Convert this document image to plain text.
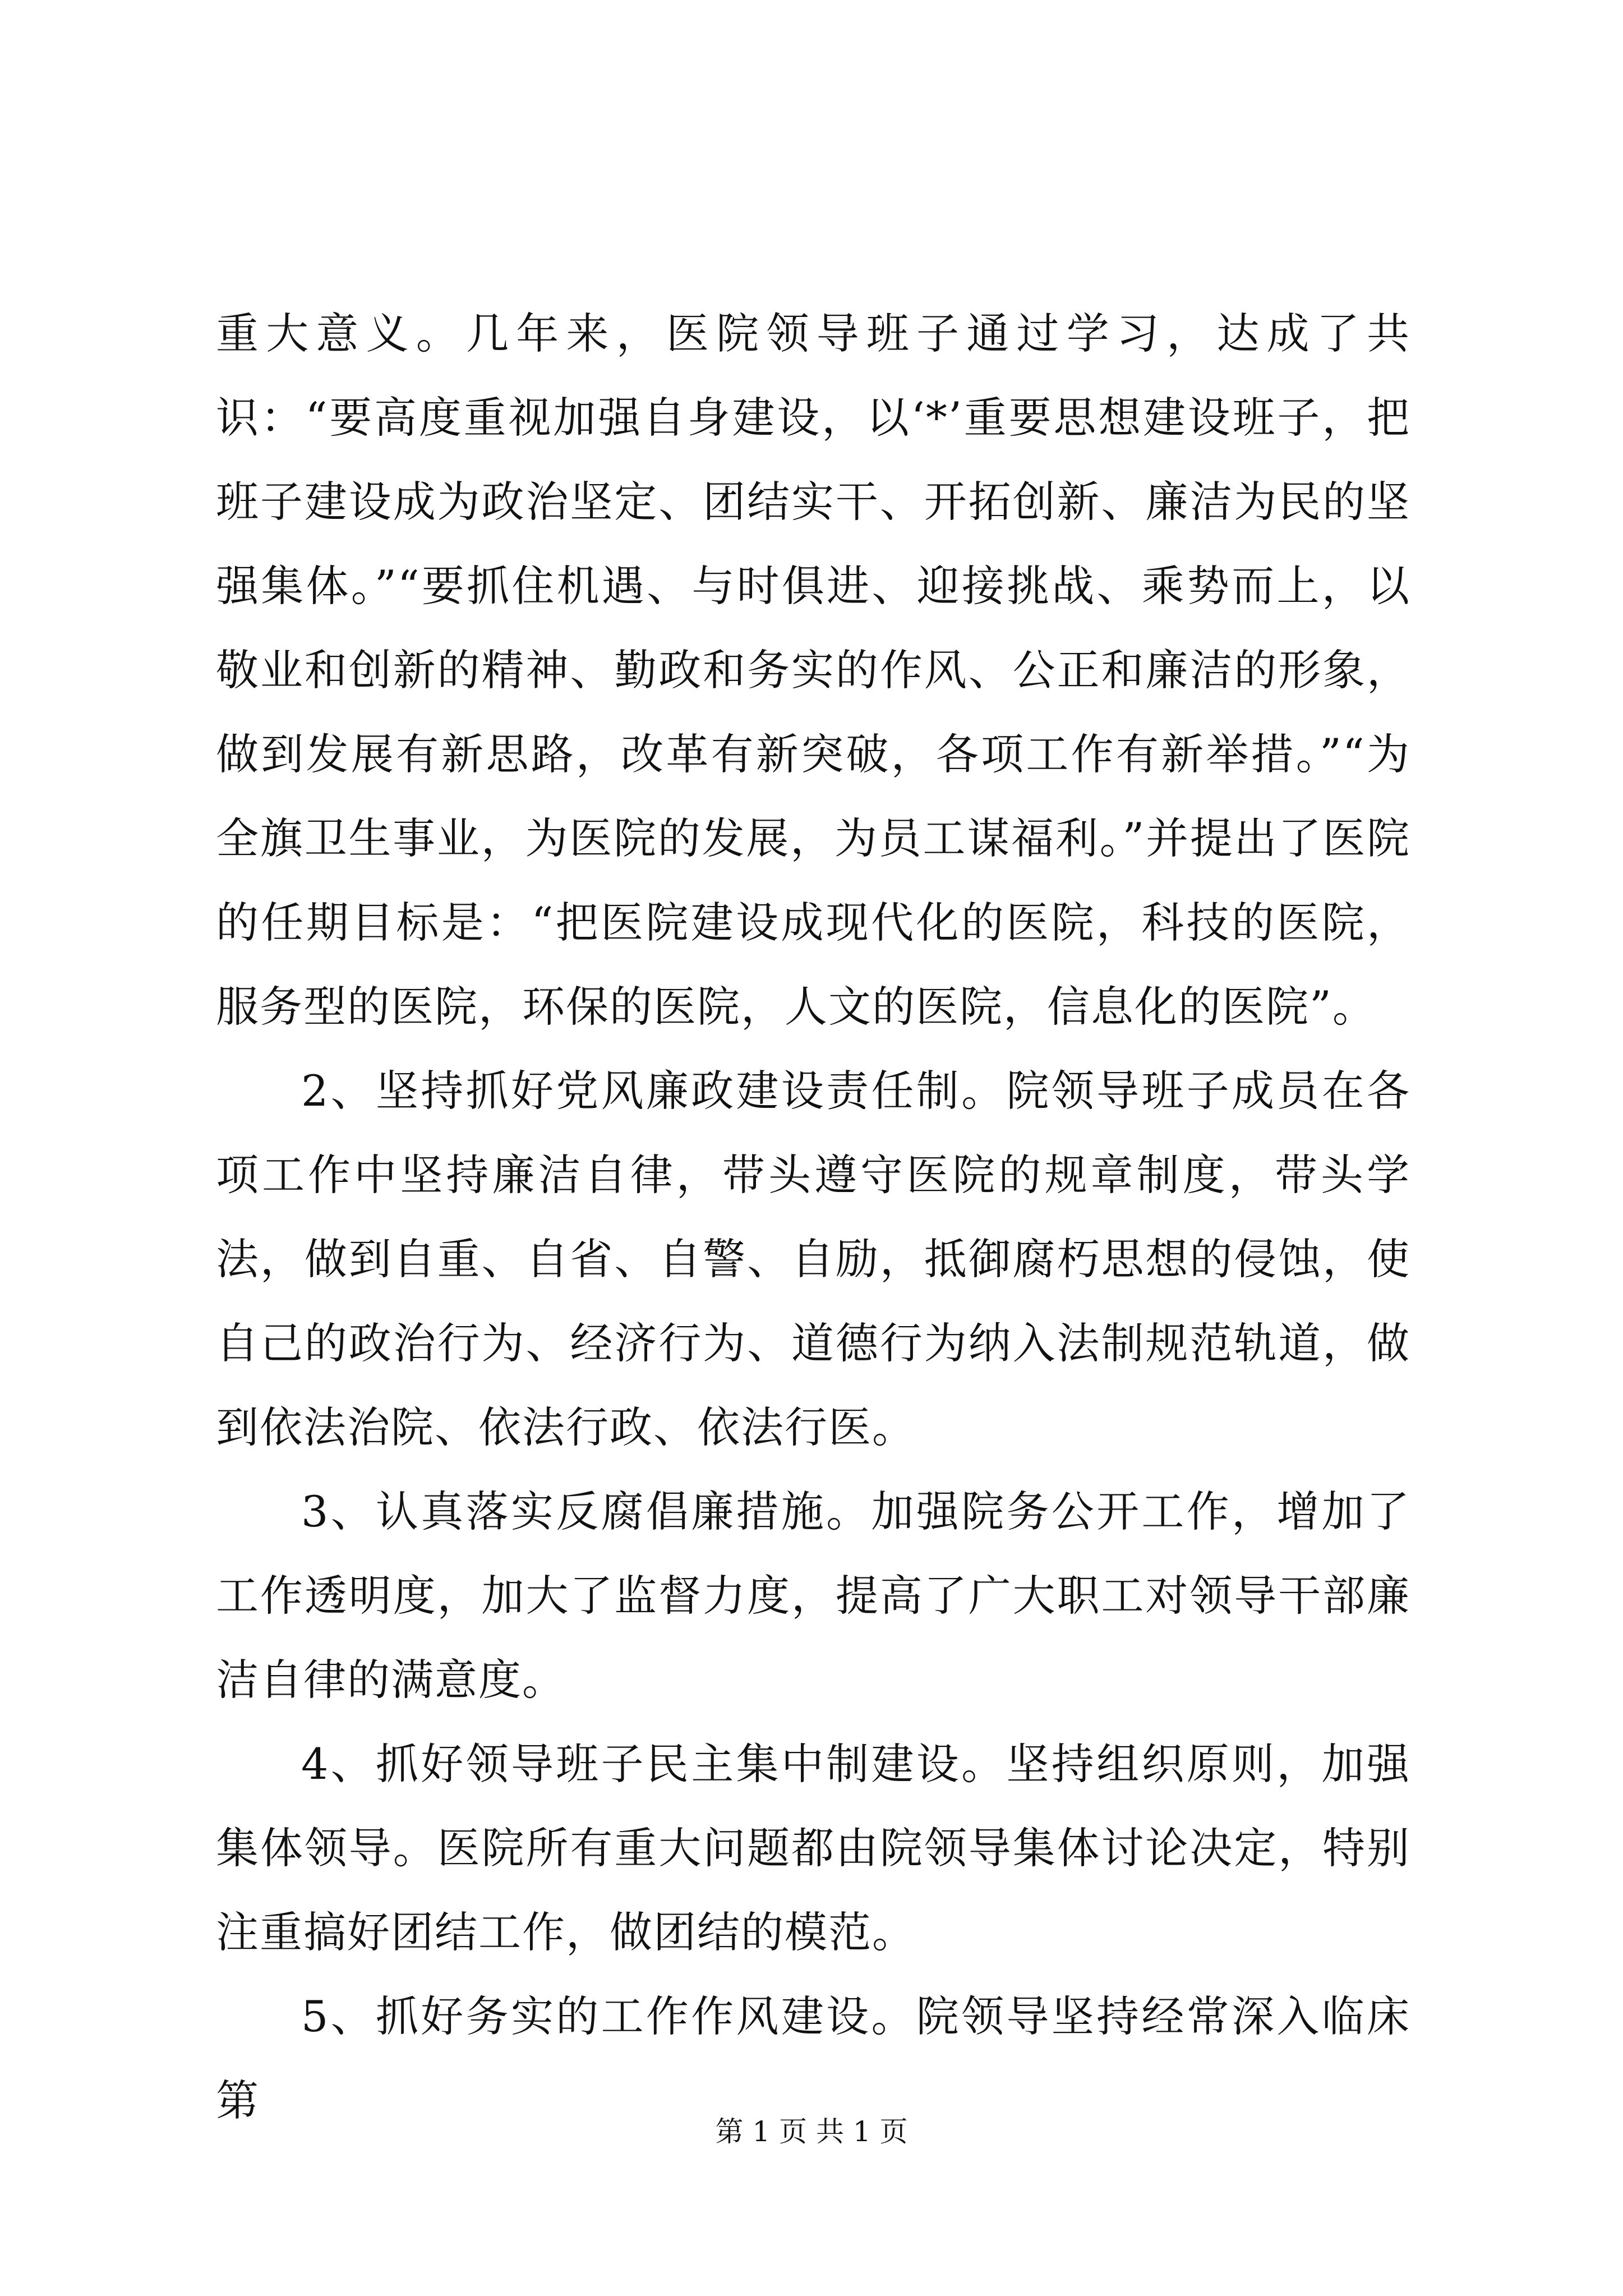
重大意义。几年来，医院领导班子通过学习，达成了共识：“要高度重视加强自身建设，以‘*’重要思想建设班子，把班子建设成为政治坚定、团结实干、开拓创新、廉洁为民的坚强集体。”“要抓住机遇、与时俱进、迎接挑战、乘势而上，以敬业和创新的精神、勤政和务实的作风、公正和廉洁的形象，做到发展有新思路，改革有新突破，各项工作有新举措。”“为全旗卫生事业，为医院的发展，为员工谋福利。”并提出了医院的任期目标是：“把医院建设成现代化的医院，科技的医院，服务型的医院，环保的医院，人文的医院，信息化的医院”。

2、坚持抓好党风廉政建设责任制。院领导班子成员在各项工作中坚持廉洁自律，带头遵守医院的规章制度，带头学法，做到自重、自省、自警、自励，抵御腐朽思想的侵蚀，使自己的政治行为、经济行为、道德行为纳入法制规范轨道，做到依法治院、依法行政、依法行医。

3、认真落实反腐倡廉措施。加强院务公开工作，增加了工作透明度，加大了监督力度，提高了广大职工对领导干部廉洁自律的满意度。

4、抓好领导班子民主集中制建设。坚持组织原则，加强集体领导。医院所有重大问题都由院领导集体讨论决定，特别注重搞好团结工作，做团结的模范。

5、抓好务实的工作作风建设。院领导坚持经常深入临床第

第 1 页 共 1 页
